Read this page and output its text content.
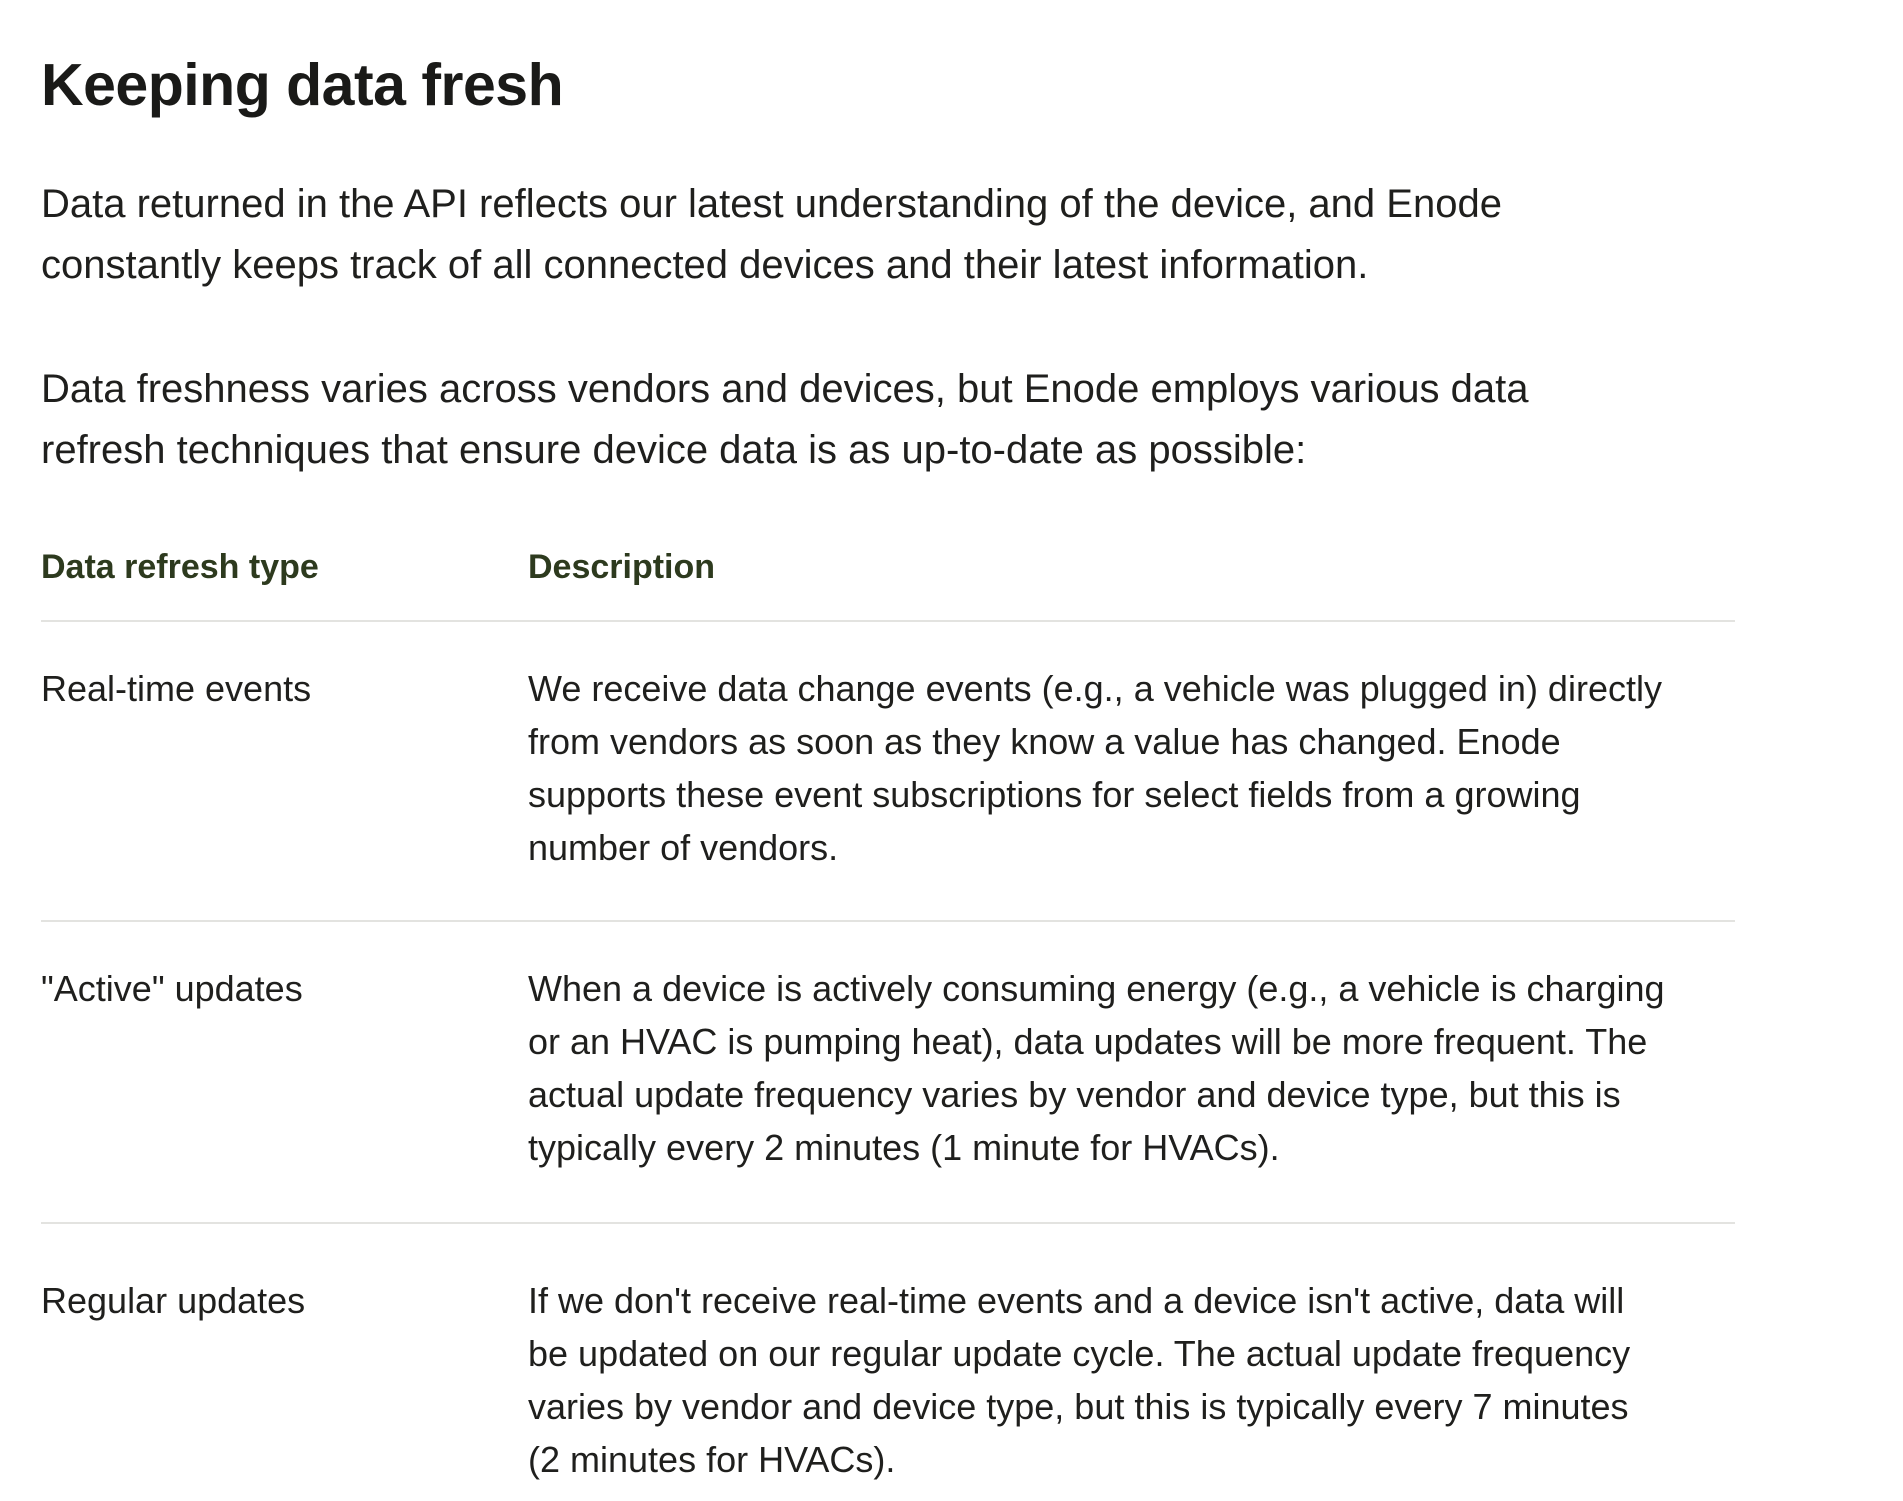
Keeping data fresh

Data returned in the API reflects our latest understanding of the device, and Enode
constantly keeps track of all connected devices and their latest information.

Data freshness varies across vendors and devices, but Enode employs various data
refresh techniques that ensure device data is as up-to-date as possible:

Data refresh type	Description
Real-time events	We receive data change events (e.g., a vehicle was plugged in) directly
from vendors as soon as they know a value has changed. Enode
supports these event subscriptions for select fields from a growing
number of vendors.
"Active" updates	When a device is actively consuming energy (e.g., a vehicle is charging
or an HVAC is pumping heat), data updates will be more frequent. The
actual update frequency varies by vendor and device type, but this is
typically every 2 minutes (1 minute for HVACs).
Regular updates	If we don't receive real-time events and a device isn't active, data will
be updated on our regular update cycle. The actual update frequency
varies by vendor and device type, but this is typically every 7 minutes
(2 minutes for HVACs).
